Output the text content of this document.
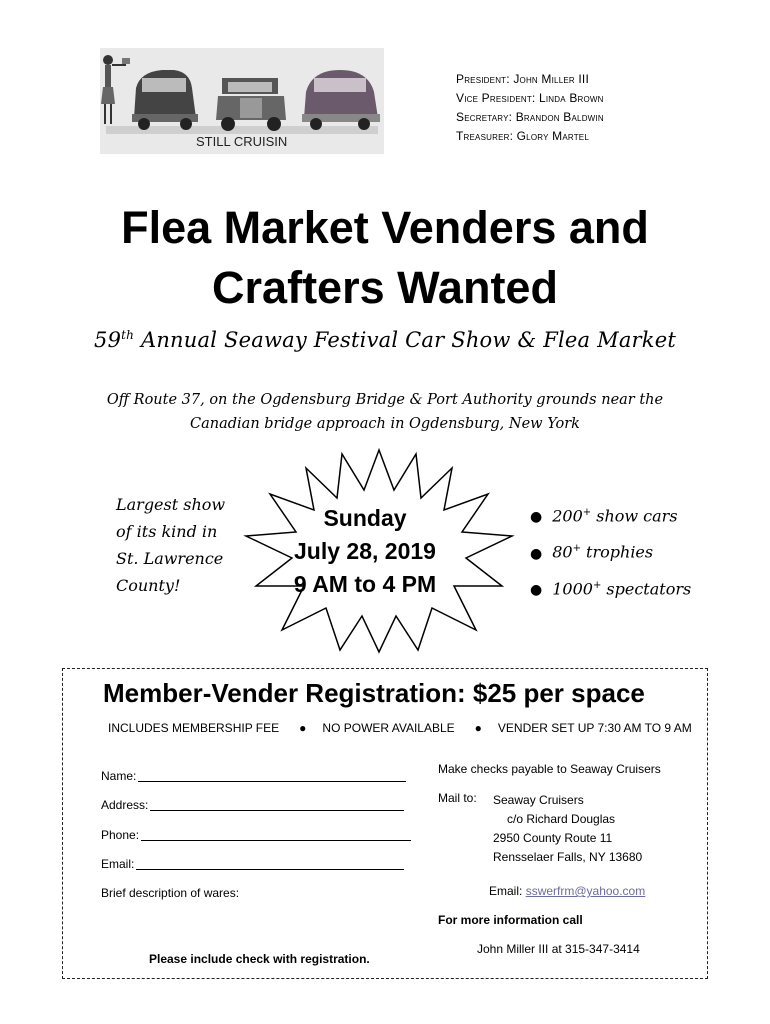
STILL CRUISIN
President: John Miller III
Vice President: Linda Brown
Secretary: Brandon Baldwin
Treasurer: Glory Martel
Flea Market Venders and
Crafters Wanted
59th Annual Seaway Festival Car Show & Flea Market
Off Route 37, on the Ogdensburg Bridge & Port Authority grounds near the
Canadian bridge approach in Ogdensburg, New York
Largest show
of its kind in
St. Lawrence
County!
Sunday
July 28, 2019
9 AM to 4 PM
● 200+ show cars
● 80+ trophies
● 1000+ spectators
Member-Vender Registration: $25 per space
INCLUDES MEMBERSHIP FEE ● NO POWER AVAILABLE ● VENDER SET UP 7:30 AM TO 9 AM
Name:
Address:
Phone:
Email:
Brief description of wares:
Please include check with registration.
Make checks payable to Seaway Cruisers
Mail to: Seaway Cruisers
c/o Richard Douglas
2950 County Route 11
Rensselaer Falls, NY 13680
Email: sswerfrm@yahoo.com
For more information call
John Miller III at 315-347-3414
